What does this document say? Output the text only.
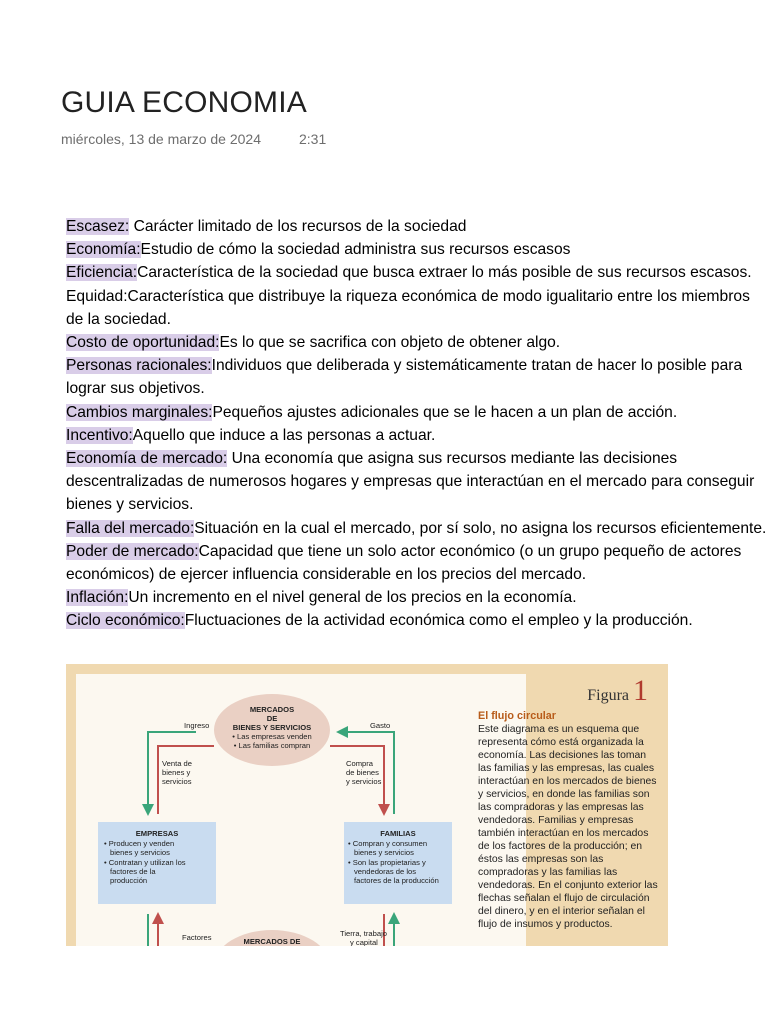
GUIA ECONOMIA
miércoles, 13 de marzo de 2024	2:31

Escasez: Carácter limitado de los recursos de la sociedad

Economía:Estudio de cómo la sociedad administra sus recursos escasos

Eficiencia:Característica de la sociedad que busca extraer lo más posible de sus recursos escasos. Equidad:Característica que distribuye la riqueza económica de modo igualitario entre los miembros de la sociedad.

Costo de oportunidad:Es lo que se sacrifica con objeto de obtener algo.

Personas racionales:Individuos que deliberada y sistemáticamente tratan de hacer lo posible para lograr sus objetivos.

Cambios marginales:Pequeños ajustes adicionales que se le hacen a un plan de acción.

Incentivo:Aquello que induce a las personas a actuar.

Economía de mercado: Una economía que asigna sus recursos mediante las decisiones descentralizadas de numerosos hogares y empresas que interactúan en el mercado para conseguir bienes y servicios.

Falla del mercado:Situación en la cual el mercado, por sí solo, no asigna los recursos eficientemente.

Poder de mercado:Capacidad que tiene un solo actor económico (o un grupo pequeño de actores económicos) de ejercer influencia considerable en los precios del mercado.

Inflación:Un incremento en el nivel general de los precios en la economía.

Ciclo económico:Fluctuaciones de la actividad económica como el empleo y la producción.

MERCADOS
DE
BIENES Y SERVICIOS
• Las empresas venden
• Las familias compran
Ingreso	Gasto
Venta de
bienes y
servicios
Compra
de bienes
y servicios
EMPRESAS
• Producen y venden
bienes y servicios
• Contratan y utilizan los
factores de la
producción
FAMILIAS
• Compran y consumen
bienes y servicios
• Son las propietarias y
vendedoras de los
factores de la producción
Factores	Tierra, trabajo
y capital
MERCADOS DE
Figura 1
El flujo circular
Este diagrama es un esquema que representa cómo está organizada la economía. Las decisiones las toman las familias y las empresas, las cuales interactúan en los mercados de bienes y servicios, en donde las familias son las compradoras y las empresas las vendedoras. Familias y empresas también interactúan en los mercados de los factores de la producción; en éstos las empresas son las compradoras y las familias las vendedoras. En el conjunto exterior las flechas señalan el flujo de circulación del dinero, y en el interior señalan el flujo de insumos y productos.
